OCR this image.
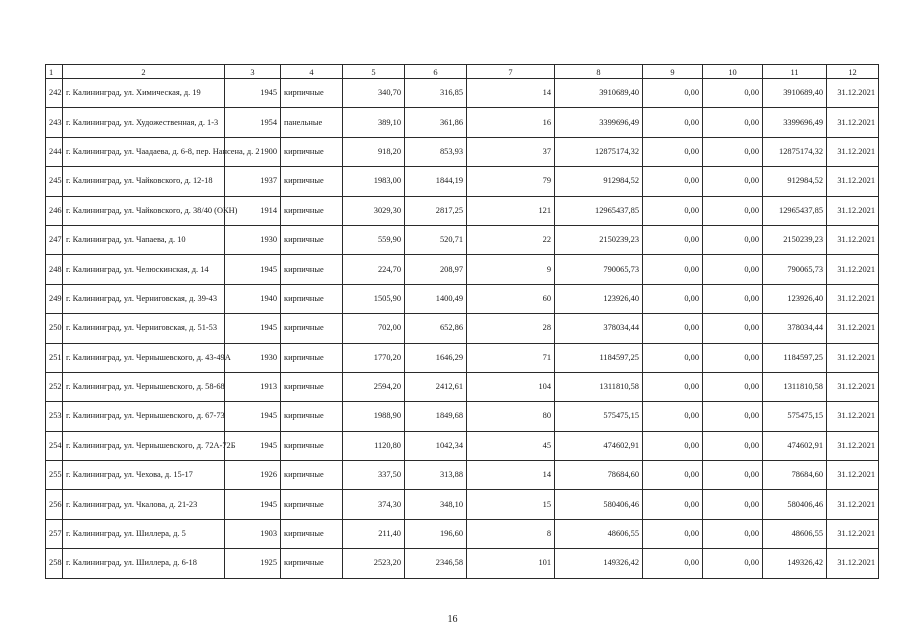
1	2	3	4	5	6	7	8	9	10	11	12
242	г. Калининград, ул. Химическая, д. 19	1945	кирпичные	340,70	316,85	14	3910689,40	0,00	0,00	3910689,40	31.12.2021
243	г. Калининград, ул. Художественная, д. 1-3	1954	панельные	389,10	361,86	16	3399696,49	0,00	0,00	3399696,49	31.12.2021
244	г. Калининград, ул. Чаадаева, д. 6-8, пер. Нансена, д. 2	1900	кирпичные	918,20	853,93	37	12875174,32	0,00	0,00	12875174,32	31.12.2021
245	г. Калининград, ул. Чайковского, д. 12-18	1937	кирпичные	1983,00	1844,19	79	912984,52	0,00	0,00	912984,52	31.12.2021
246	г. Калининград, ул. Чайковского, д. 38/40 (ОКН)	1914	кирпичные	3029,30	2817,25	121	12965437,85	0,00	0,00	12965437,85	31.12.2021
247	г. Калининград, ул. Чапаева, д. 10	1930	кирпичные	559,90	520,71	22	2150239,23	0,00	0,00	2150239,23	31.12.2021
248	г. Калининград, ул. Челюскинская, д. 14	1945	кирпичные	224,70	208,97	9	790065,73	0,00	0,00	790065,73	31.12.2021
249	г. Калининград, ул. Черниговская, д. 39-43	1940	кирпичные	1505,90	1400,49	60	123926,40	0,00	0,00	123926,40	31.12.2021
250	г. Калининград, ул. Черниговская, д. 51-53	1945	кирпичные	702,00	652,86	28	378034,44	0,00	0,00	378034,44	31.12.2021
251	г. Калининград, ул. Чернышевского, д. 43-49А	1930	кирпичные	1770,20	1646,29	71	1184597,25	0,00	0,00	1184597,25	31.12.2021
252	г. Калининград, ул. Чернышевского, д. 58-68	1913	кирпичные	2594,20	2412,61	104	1311810,58	0,00	0,00	1311810,58	31.12.2021
253	г. Калининград, ул. Чернышевского, д. 67-73	1945	кирпичные	1988,90	1849,68	80	575475,15	0,00	0,00	575475,15	31.12.2021
254	г. Калининград, ул. Чернышевского, д. 72А-72Б	1945	кирпичные	1120,80	1042,34	45	474602,91	0,00	0,00	474602,91	31.12.2021
255	г. Калининград, ул. Чехова, д. 15-17	1926	кирпичные	337,50	313,88	14	78684,60	0,00	0,00	78684,60	31.12.2021
256	г. Калининград, ул. Чкалова, д. 21-23	1945	кирпичные	374,30	348,10	15	580406,46	0,00	0,00	580406,46	31.12.2021
257	г. Калининград, ул. Шиллера, д. 5	1903	кирпичные	211,40	196,60	8	48606,55	0,00	0,00	48606,55	31.12.2021
258	г. Калининград, ул. Шиллера, д. 6-18	1925	кирпичные	2523,20	2346,58	101	149326,42	0,00	0,00	149326,42	31.12.2021
16
